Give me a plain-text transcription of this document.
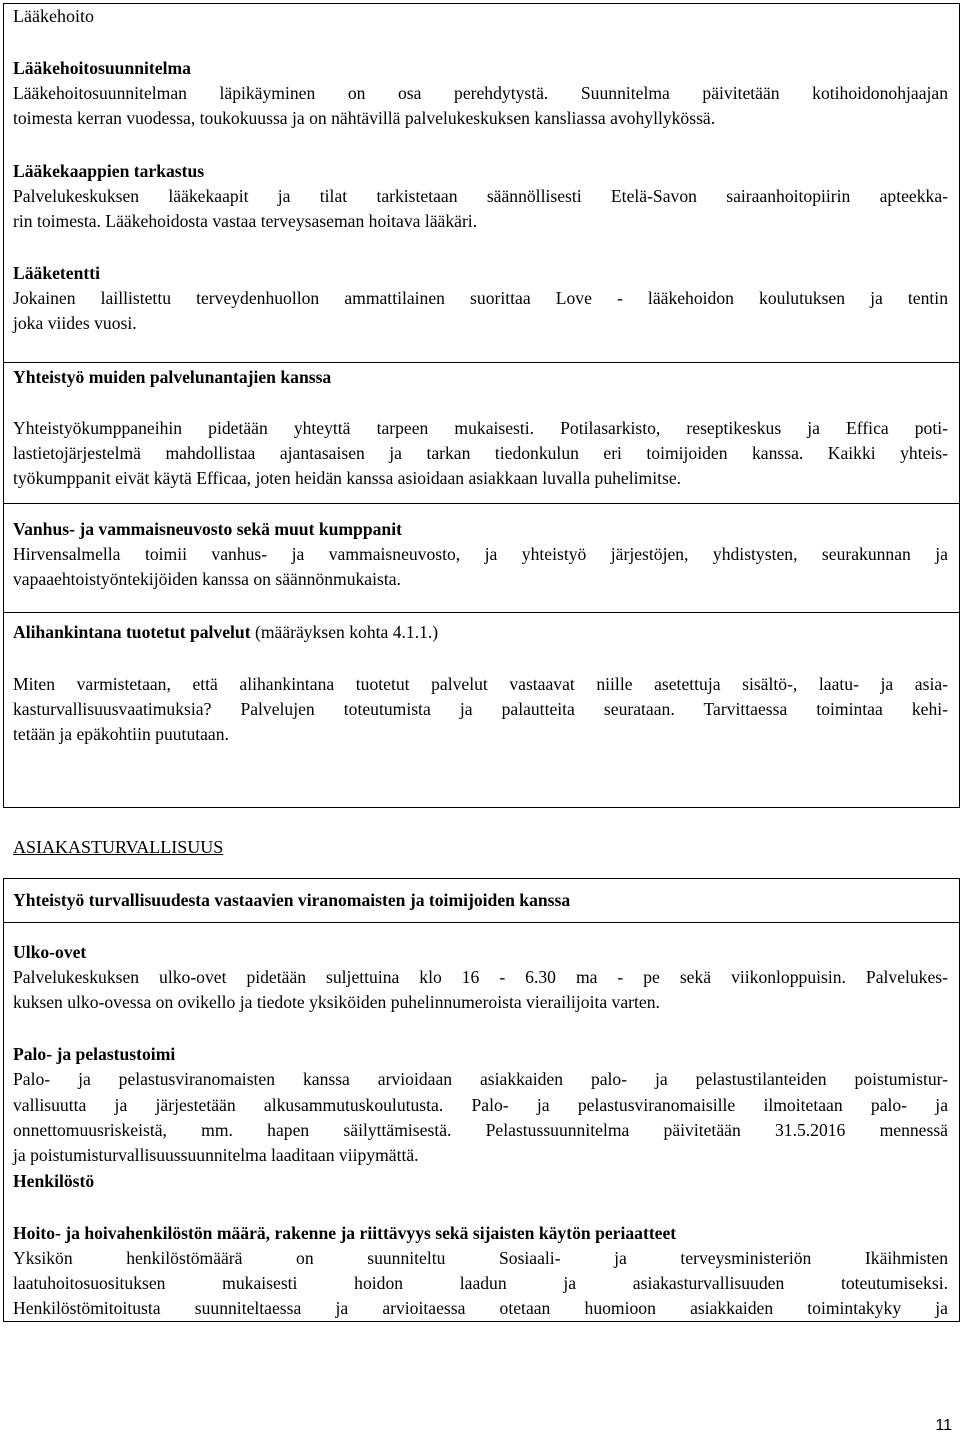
Lääkehoito
Lääkehoitosuunnitelma
Lääkehoitosuunnitelman läpikäyminen on osa perehdytystä. Suunnitelma päivitetään kotihoidonohjaajan
toimesta kerran vuodessa, toukokuussa ja on nähtävillä palvelukeskuksen kansliassa avohyllykössä.
Lääkekaappien tarkastus
Palvelukeskuksen lääkekaapit ja tilat tarkistetaan säännöllisesti Etelä-Savon sairaanhoitopiirin apteekka-
rin toimesta. Lääkehoidosta vastaa terveysaseman hoitava lääkäri.
Lääketentti
Jokainen laillistettu terveydenhuollon ammattilainen suorittaa Love - lääkehoidon koulutuksen ja tentin
joka viides vuosi.
Yhteistyö muiden palvelunantajien kanssa
Yhteistyökumppaneihin pidetään yhteyttä tarpeen mukaisesti. Potilasarkisto, reseptikeskus ja Effica poti-
lastietojärjestelmä mahdollistaa ajantasaisen ja tarkan tiedonkulun eri toimijoiden kanssa. Kaikki yhteis-
työkumppanit eivät käytä Efficaa, joten heidän kanssa asioidaan asiakkaan luvalla puhelimitse.
Vanhus- ja vammaisneuvosto sekä muut kumppanit
Hirvensalmella toimii vanhus- ja vammaisneuvosto, ja yhteistyö järjestöjen, yhdistysten, seurakunnan ja
vapaaehtoistyöntekijöiden kanssa on säännönmukaista.
Alihankintana tuotetut palvelut (määräyksen kohta 4.1.1.)
Miten varmistetaan, että alihankintana tuotetut palvelut vastaavat niille asetettuja sisältö-, laatu- ja asia-
kasturvallisuusvaatimuksia? Palvelujen toteutumista ja palautteita seurataan. Tarvittaessa toimintaa kehi-
tetään ja epäkohtiin puututaan.
ASIAKASTURVALLISUUS
Yhteistyö turvallisuudesta vastaavien viranomaisten ja toimijoiden kanssa
Ulko-ovet
Palvelukeskuksen ulko-ovet pidetään suljettuina klo 16 - 6.30 ma - pe sekä viikonloppuisin. Palvelukes-
kuksen ulko-ovessa on ovikello ja tiedote yksiköiden puhelinnumeroista vierailijoita varten.
Palo- ja pelastustoimi
Palo- ja pelastusviranomaisten kanssa arvioidaan asiakkaiden palo- ja pelastustilanteiden poistumistur-
vallisuutta ja järjestetään alkusammutuskoulutusta. Palo- ja pelastusviranomaisille ilmoitetaan palo- ja
onnettomuusriskeistä, mm. hapen säilyttämisestä. Pelastussuunnitelma päivitetään 31.5.2016 mennessä
ja poistumisturvallisuussuunnitelma laaditaan viipymättä.
Henkilöstö
Hoito- ja hoivahenkilöstön määrä, rakenne ja riittävyys sekä sijaisten käytön periaatteet
Yksikön henkilöstömäärä on suunniteltu Sosiaali- ja terveysministeriön Ikäihmisten
laatuhoitosuosituksen mukaisesti hoidon laadun ja asiakasturvallisuuden toteutumiseksi.
Henkilöstömitoitusta suunniteltaessa ja arvioitaessa otetaan huomioon asiakkaiden toimintakyky ja
11
